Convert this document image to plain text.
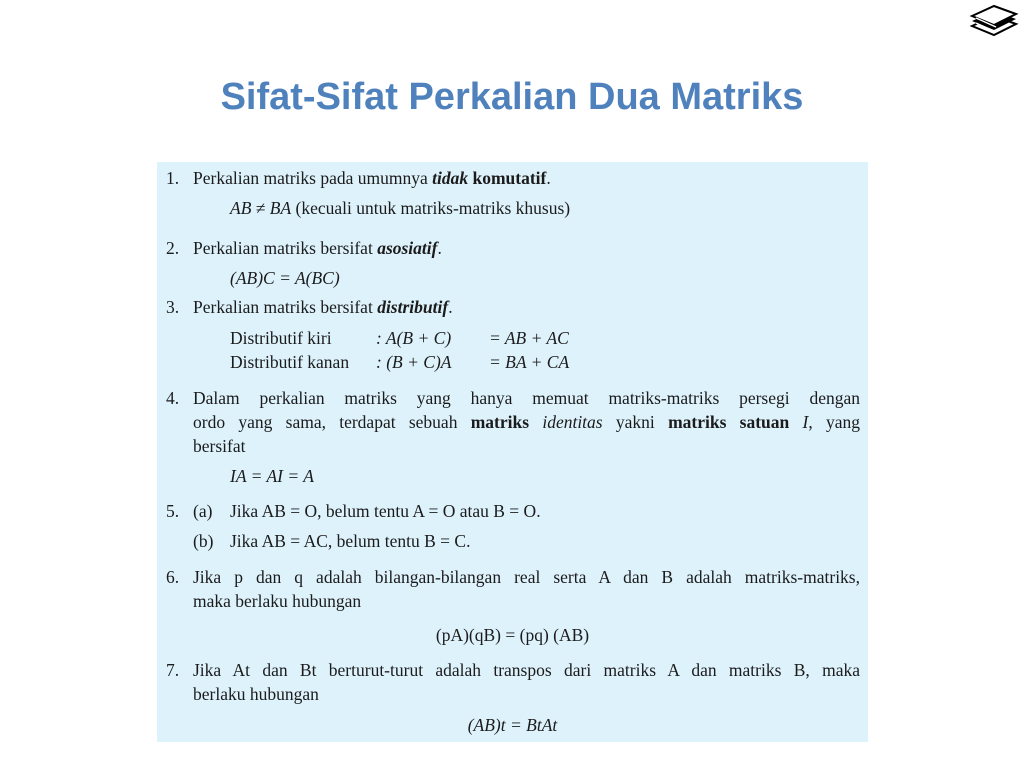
Sifat-Sifat Perkalian Dua Matriks
1. Perkalian matriks pada umumnya tidak komutatif.
AB ≠ BA (kecuali untuk matriks-matriks khusus)
2. Perkalian matriks bersifat asosiatif.
(AB)C = A(BC)
3. Perkalian matriks bersifat distributif.
Distributif kiri	: A(B + C) = AB + AC
Distributif kanan : (B + C)A = BA + CA
4. Dalam perkalian matriks yang hanya memuat matriks-matriks persegi dengan
ordo yang sama, terdapat sebuah matriks identitas yakni matriks satuan I, yang
bersifat
IA = AI = A
5. (a) Jika AB = O, belum tentu A = O atau B = O.
(b) Jika AB = AC, belum tentu B = C.
6. Jika p dan q adalah bilangan-bilangan real serta A dan B adalah matriks-matriks,
maka berlaku hubungan
(pA)(qB) = (pq) (AB)
7. Jika At dan Bt berturut-turut adalah transpos dari matriks A dan matriks B, maka
berlaku hubungan
(AB)t = BtAt
